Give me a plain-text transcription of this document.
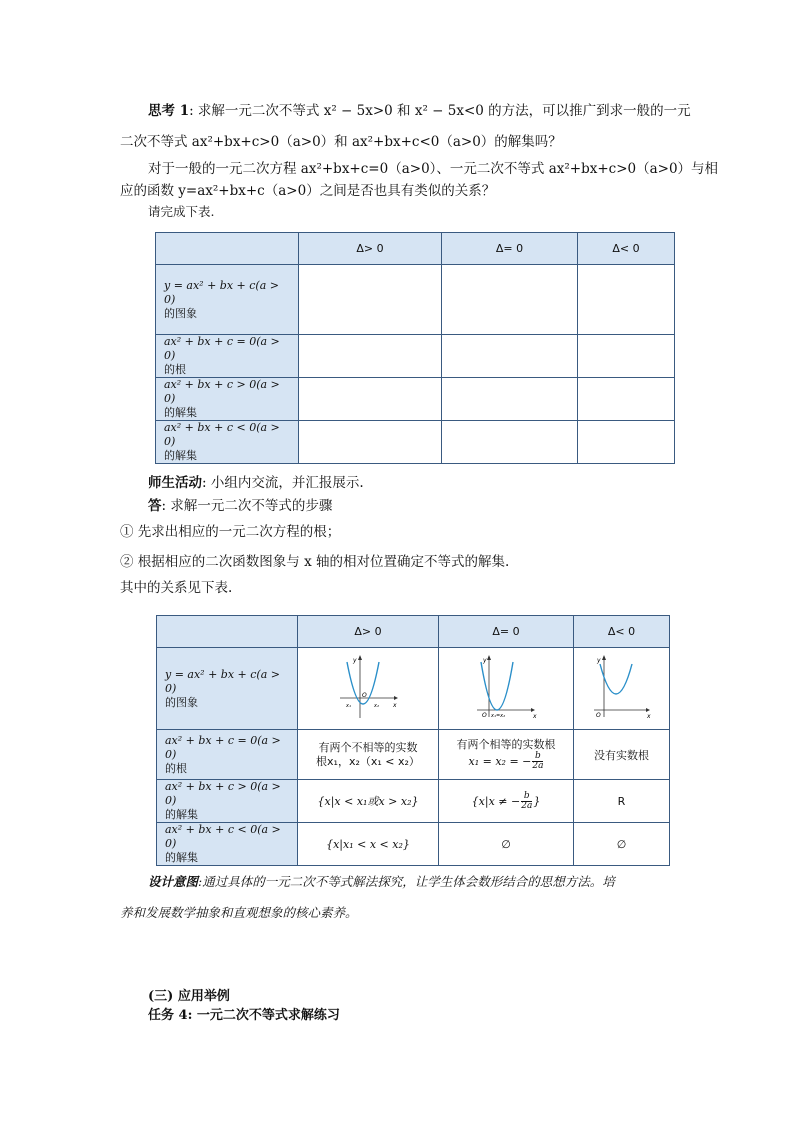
思考 1: 求解一元二次不等式 x² − 5x>0 和 x² − 5x<0 的方法，可以推广到求一般的一元
二次不等式 ax²+bx+c>0（a>0）和 ax²+bx+c<0（a>0）的解集吗？
对于一般的一元二次方程 ax²+bx+c=0（a>0）、一元二次不等式 ax²+bx+c>0（a>0）与相
应的函数 y=ax²+bx+c（a>0）之间是否也具有类似的关系？
请完成下表.
	Δ> 0	Δ= 0	Δ< 0

y = ax² + bx + c(a > 0)
的图象			

ax² + bx + c = 0(a > 0)
的根			

ax² + bx + c > 0(a > 0)
的解集			

ax² + bx + c < 0(a > 0)
的解集			

师生活动: 小组内交流，并汇报展示.
答: 求解一元二次不等式的步骤
① 先求出相应的一元二次方程的根；
② 根据相应的二次函数图象与 x 轴的相对位置确定不等式的解集.
其中的关系见下表.
	Δ> 0	Δ= 0	Δ< 0

y = ax² + bx + c(a > 0)
的图象	y
x
O
x₁ x₂	y
x
O x₁=x₂	y
x
O

ax² + bx + c = 0(a > 0)
的根	有两个不相等的实数
根x₁，x₂（x₁ < x₂）	有两个相等的实数根
x₁ = x₂ = − $\frac{b}{2a}$	没有实数根

ax² + bx + c > 0(a > 0)
的解集	{x|x < x₁或x > x₂}	{x|x ≠ − $\frac{b}{2a}$ }	R

ax² + bx + c < 0(a > 0)
的解集	{x|x₁ < x < x₂}	∅	∅
设计意图:通过具体的一元二次不等式解法探究，让学生体会数形结合的思想方法。培
养和发展数学抽象和直观想象的核心素养。
(三) 应用举例
任务 4: 一元二次不等式求解练习
